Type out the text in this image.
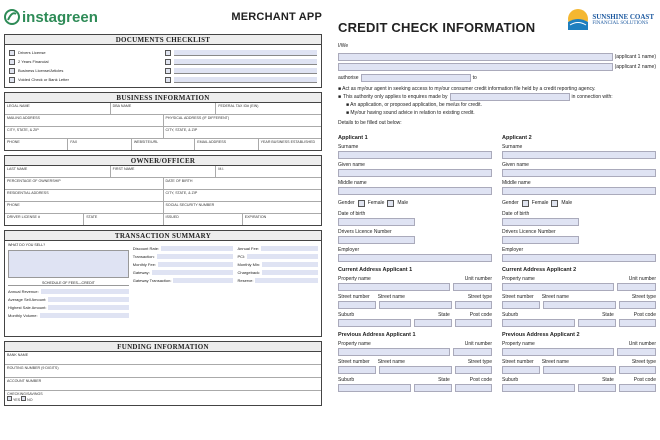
instagreen	MERCHANT APP
DOCUMENTS CHECKLIST
Drivers License
2 Years Financial
Business License/Articles
Voided Check or Bank Letter
BUSINESS INFORMATION
LEGAL NAME	DBA NAME	FEDERAL TAX ID# (EIN)
MAILING ADDRESS	PHYSICAL ADDRESS (IF DIFFERENT)
CITY, STATE, & ZIP	CITY, STATE, & ZIP
PHONE	FAX	WEBSITE/URL	EMAIL ADDRESS	YEAR BUSINESS ESTABLISHED
OWNER/OFFICER
LAST NAME	FIRST NAME	M.I.
PERCENTAGE OF OWNERSHIP	DATE OF BIRTH
RESIDENTIAL ADDRESS	CITY, STATE, & ZIP
PHONE	SOCIAL SECURITY NUMBER
DRIVER LICENSE #	STATE	ISSUED	EXPIRATION
TRANSACTION SUMMARY
WHAT DO YOU SELL?
SCHEDULE OF FEES—CREDIT
Annual Revenue:
Average Sell Amount:
Highest Sale Amount:
Monthly Volume:
Discount Rate:
Transaction:
Monthly Fee:
Gateway:
Gateway Transaction:
Annual Fee:
PCI:
Monthly Min:
Chargeback:
Reserve:
FUNDING INFORMATION
BANK NAME
ROUTING NUMBER (9 DIGITS)
ACCOUNT NUMBER
CHECKING/SAVINGS
YES NO
CREDIT CHECK INFORMATION
SUNSHINE COAST
FINANCIAL SOLUTIONS
I/We
(applicant 1 name)
(applicant 2 name)
authorise	to
■ Act as my/our agent in seeking access to my/our consumer credit information file held by a credit reporting agency.
■ This authority only applies to enquires made by	in connection with:
■ An application, or proposed application, be me/us for credit.
■ My/our having sound advice in relation to existing credit.
Details to be filled out below:
Applicant 1
Surname
Given name
Middle name
Gender	Female	Male
Date of birth
Drivers Licence Number
Employer
Current Address Applicant 1
Property name	Unit number
Street number Street name	Street type
Suburb	State	Post code
Previous Address Applicant 1
Property name	Unit number
Street number Street name	Street type
Suburb	State	Post code
Applicant 2
Surname
Given name
Middle name
Gender	Female	Male
Date of birth
Drivers Licence Number
Employer
Current Address Applicant 2
Property name	Unit number
Street number Street name	Street type
Suburb	State	Post code
Previous Address Applicant 2
Property name	Unit number
Street number Street name	Street type
Suburb	State	Post code
